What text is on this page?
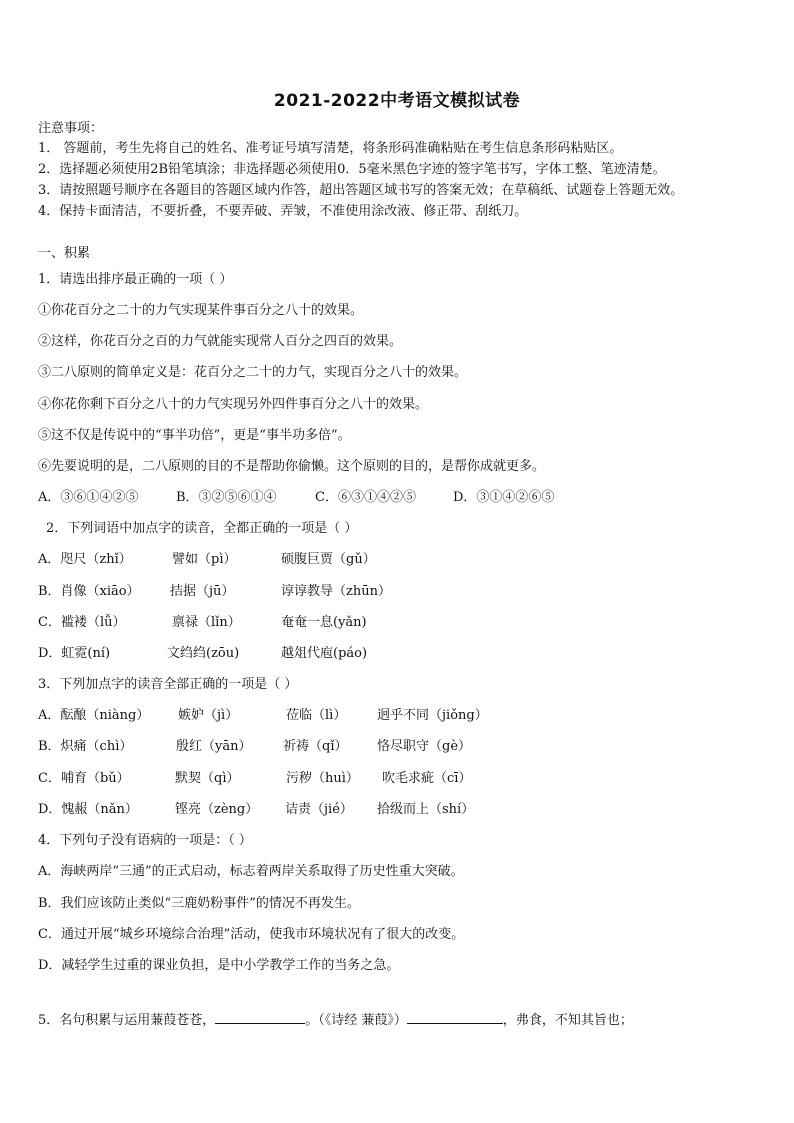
2021-2022中考语文模拟试卷
注意事项：
1． 答题前，考生先将自己的姓名、准考证号填写清楚，将条形码准确粘贴在考生信息条形码粘贴区。
2．选择题必须使用2B铅笔填涂；非选择题必须使用0．5毫米黑色字迹的签字笔书写，字体工整、笔迹清楚。
3．请按照题号顺序在各题目的答题区域内作答，超出答题区域书写的答案无效；在草稿纸、试题卷上答题无效。
4．保持卡面清洁，不要折叠，不要弄破、弄皱，不准使用涂改液、修正带、刮纸刀。
一、积累
1．请选出排序最正确的一项（ ）
①你花百分之二十的力气实现某件事百分之八十的效果。
②这样，你花百分之百的力气就能实现常人百分之四百的效果。
③二八原则的简单定义是：花百分之二十的力气，实现百分之八十的效果。
④你花你剩下百分之八十的力气实现另外四件事百分之八十的效果。
⑤这不仅是传说中的“事半功倍”，更是“事半功多倍”。
⑥先要说明的是，二八原则的目的不是帮助你偷懒。这个原则的目的，是帮你成就更多。
A．③⑥①④②⑤	B．③②⑤⑥①④	C．⑥③①④②⑤	D．③①④②⑥⑤
2．下列词语中加点字的读音，全都正确的一项是（ ）
A．咫尺（zhǐ）	譬如（pì）	硕腹巨贾（gǔ）
B．肖像（xiāo） 拮据（jū）	谆谆教导（zhūn）
C．褴褛（lǚ）	禀禄（lǐn）	奄奄一息(yǎn)
D．虹霓(ní)	文绉绉(zōu)	越俎代庖(páo)
3．下列加点字的读音全部正确的一项是（ ）
A．酝酿（niàng） 嫉妒（jì）	莅临（lì） 迥乎不同（jiǒng）
B．炽痛（chì）	殷红（yān） 祈祷（qǐ） 恪尽职守（gè）
C．哺育（bǔ）	默契（qì）	污秽（huì） 吹毛求疵（cī）
D．愧赧（nǎn）	铿亮（zèng） 诘责（jié） 拾级而上（shí）
4．下列句子没有语病的一项是：（ ）
A．海峡两岸“三通”的正式启动，标志着两岸关系取得了历史性重大突破。
B．我们应该防止类似“三鹿奶粉事件”的情况不再发生。
C．通过开展“城乡环境综合治理”活动，使我市环境状况有了很大的改变。
D．减轻学生过重的课业负担，是中小学教学工作的当务之急。
5．名句积累与运用蒹葭苍苍，	。（《诗经 蒹葭》）	，弗食，不知其旨也；
